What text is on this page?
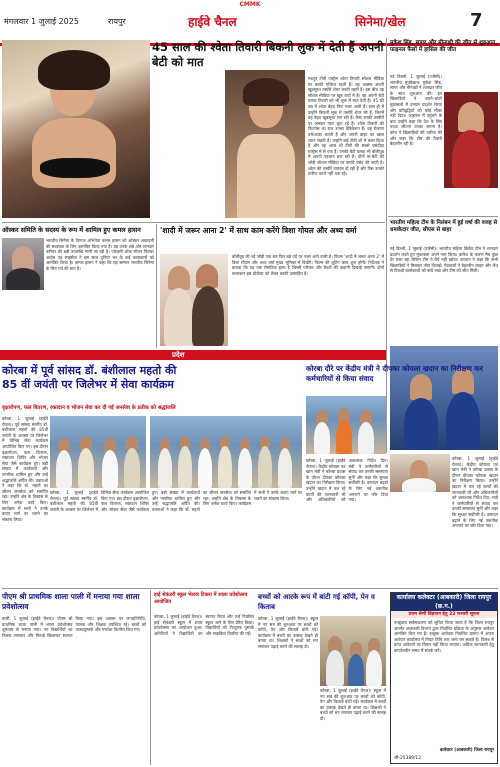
CMMK
मंगलवार 1 जुलाई 2025	रायपुर	हाईवे चैनल	सिनेमा/खेल	7
45 साल की श्वेता तिवारी बिकनी लुक में देती हैं अपनी बेटी को मात
मशहूर टीवी एक्ट्रेस श्वेता तिवारी सोशल मीडिया पर काफी एक्टिव रहती हैं। वह अक्सर अपनी खूबसूरत तस्वीरें शेयर करती रहती हैं। इस बीच वह सोशल मीडिया पर खूब चर्चा में हैं। वह अपनी बेटी पलक तिवारी को भी लुक में मात देती हैं। 45 की उम्र में श्वेता बेहद फिट नजर आती हैं। हाल ही में उन्होंने बिकनी लुक में तस्वीरें शेयर की हैं, जिनमें वह बेहद खूबसूरत लग रही हैं। फैंस उनकी तस्वीरों पर जमकर प्यार लुटा रहे हैं। श्वेता तिवारी की फिटनेस का राज उनका डेडिकेशन है। वह रोजाना वर्कआउट करती हैं और अपनी डाइट का खास ध्यान रखती हैं। उन्होंने कई टीवी शो में काम किया है और वह आज भी टीवी की सबसे पसंदीदा एक्ट्रेस में से एक हैं। उनकी बेटी पलक भी बॉलीवुड में अपनी पहचान बना रही हैं। दोनों मां-बेटी की जोड़ी सोशल मीडिया पर काफी पसंद की जाती है। श्वेता की तस्वीरें वायरल हो रही हैं और फैंस उनकी तारीफ करते नहीं थक रहे।
मुकेश सिंह, सागर और मीनाक्षी की जीत से शुरुआत, फाइनल फैंसों में हासिल की जीत
नई दिल्ली, 1 जुलाई (एजेंसी)। भारतीय मुक्केबाज मुकेश सिंह, सागर और मीनाक्षी ने शानदार जीत के साथ शुरुआत की। इन खिलाड़ियों ने अपने-अपने मुकाबलों में दमदार प्रदर्शन किया और प्रतिद्वंद्वियों को कोई मौका नहीं दिया। फाइनल में पहुंचने के बाद उन्होंने कहा कि देश के लिए पदक जीतना उनका सपना है। कोच ने खिलाड़ियों की तारीफ की और कहा कि टीम की तैयारी बेहतरीन रही है।
भारतीय महिला टीम के निलंबन में हुई वर्षा की वजह से धमाकेदार जीत, सीएस से बाहर
नई दिल्ली, 1 जुलाई (एजेंसी)। भारतीय महिला क्रिकेट टीम ने शानदार प्रदर्शन करते हुए मुकाबला अपने नाम किया। बारिश के कारण मैच कुछ देर रुका रहा लेकिन टीम ने धैर्य नहीं खोया। कप्तान ने कहा कि सभी खिलाड़ियों ने मिलकर जीत दिलाई। गेंदबाजों ने बेहतरीन लाइन और लेंथ से विपक्षी बल्लेबाजों को बांधे रखा और टीम को जीत मिली।
ऑस्कर समिति के सदस्य के रूप में शामिल हुए कमल हासन
भारतीय सिनेमा के दिग्गज अभिनेता कमल हासन को ऑस्कर अकादमी की सदस्यता के लिए आमंत्रित किया गया है। यह उनके लंबे और शानदार करियर की बड़ी उपलब्धि मानी जा रही है। एकेडमी ऑफ मोशन पिक्चर आर्ट्स एंड साइंसेज ने इस साल दुनिया भर के कई कलाकारों को आमंत्रित किया है। कमल हासन ने कहा कि यह सम्मान भारतीय सिनेमा के लिए गर्व की बात है।
'शादी में जरूर आना 2' में साथ काम करेंगे त्रिशा गोयल और अथ्य वर्मा
बॉलीवुड की नई जोड़ी एक बार फिर बड़े पर्दे पर नजर आने वाली है। फिल्म 'शादी में जरूर आना 2' में त्रिशा गोयल और अथ्य वर्मा मुख्य भूमिका में दिखेंगे। फिल्म की शूटिंग जल्द शुरू होगी। निर्देशक ने बताया कि यह एक रोमांटिक ड्रामा है जिसमें परिवार और रिश्तों की कहानी दिखाई जाएगी। दोनों कलाकार इस प्रोजेक्ट को लेकर काफी उत्साहित हैं।
प्रदेश
कोरबा में पूर्व सांसद डॉ. बंशीलाल महतो की
85 वीं जयंती पर जिलेभर में सेवा कार्यक्रम
वृक्षारोपण, फल वितरण, रक्तदान व भोजन सेवा कर दी गई जनसेवा के प्रतीक को श्रद्धांजलि
कोरबा दौरे पर केंद्रीय मंत्री ने दीपका कोयला खदान का निरीक्षण कर कर्मचारियों से किया संवाद
कोरबा, 1 जुलाई (हाईवे चैनल)। पूर्व सांसद स्वर्गीय डॉ. बंशीलाल महतो की 85वीं जयंती के अवसर पर जिलेभर में विभिन्न सेवा कार्यक्रम आयोजित किए गए। इस दौरान वृक्षारोपण, फल वितरण, रक्तदान शिविर और भोजन सेवा जैसे कार्यक्रम हुए। बड़ी संख्या में कार्यकर्ता और नागरिक शामिल हुए और उन्हें श्रद्धांजलि अर्पित की। वक्ताओं ने कहा कि डॉ. महतो का जीवन जनसेवा को समर्पित रहा। उन्होंने क्षेत्र के विकास के लिए अनेक कार्य किए। कार्यक्रम में सभी ने उनके बताए मार्ग पर चलने का संकल्प लिया।
कोरबा, 1 जुलाई (हाईवे चैनल)। पूर्व सांसद स्वर्गीय डॉ. बंशीलाल महतो की 85वीं जयंती के अवसर पर जिलेभर में विभिन्न सेवा कार्यक्रम आयोजित किए गए। इस दौरान वृक्षारोपण, फल वितरण, रक्तदान शिविर और भोजन सेवा जैसे कार्यक्रम हुए। बड़ी संख्या में कार्यकर्ता और नागरिक शामिल हुए और उन्हें श्रद्धांजलि अर्पित की। वक्ताओं ने कहा कि डॉ. महतो का जीवन जनसेवा को समर्पित रहा। उन्होंने क्षेत्र के विकास के लिए अनेक कार्य किए। कार्यक्रम में सभी ने उनके बताए मार्ग पर चलने का संकल्प लिया।
कोरबा, 1 जुलाई (हाईवे चैनल)। केंद्रीय कोयला एवं खान मंत्री ने कोरबा प्रवास के दौरान दीपका कोयला खदान का निरीक्षण किया। उन्होंने खदान में चल रहे कार्यों की जानकारी ली और अधिकारियों को आवश्यक निर्देश दिए। मंत्री ने कर्मचारियों से संवाद कर उनकी समस्याएं सुनीं और कहा कि सुरक्षा सर्वोपरि है। उत्पादन बढ़ाने के लिए नई तकनीक अपनाने पर जोर दिया गया।
कोरबा, 1 जुलाई (हाईवे चैनल)। केंद्रीय कोयला एवं खान मंत्री ने कोरबा प्रवास के दौरान दीपका कोयला खदान का निरीक्षण किया। उन्होंने खदान में चल रहे कार्यों की जानकारी ली और अधिकारियों को आवश्यक निर्देश दिए। मंत्री ने कर्मचारियों से संवाद कर उनकी समस्याएं सुनीं और कहा कि सुरक्षा सर्वोपरि है। उत्पादन बढ़ाने के लिए नई तकनीक अपनाने पर जोर दिया गया।
पीएम श्री प्राथमिक शाला पाली में मनाया गया शाला प्रवेशोत्सव
पाली, 1 जुलाई (हाईवे चैनल)। पीएम श्री प्राथमिक शाला पाली में शाला प्रवेशोत्सव धूमधाम से मनाया गया। नए विद्यार्थियों का तिलक लगाकर और मिठाई खिलाकर स्वागत किया गया। इस अवसर पर जनप्रतिनिधि, पालक और शिक्षक उपस्थित रहे। बच्चों को पाठ्यपुस्तकें और गणवेश वितरित किए गए।
हाई सेकंडरी स्कूल भेलवा टिकरा में शाला प्रवेशोत्सव आयोजित
कोरबा, 1 जुलाई (हाईवे चैनल)। हाई सेकंडरी स्कूल में शाला प्रवेशोत्सव का आयोजन हुआ। अतिथियों ने विद्यार्थियों का स्वागत किया और उन्हें नियमित स्कूल आने के लिए प्रेरित किया। विद्यार्थियों को निःशुल्क पुस्तकें और साइकिल वितरित की गईं।
बच्चों को आरके रूप में बांटी गई कॉपी, पेन व किताब
कोरबा, 1 जुलाई (हाईवे चैनल)। स्कूल में नए सत्र की शुरुआत पर बच्चों को कॉपी, पेन और किताबें बांटी गईं। कार्यक्रम में बच्चों का उत्साह देखते ही बनता था। शिक्षकों ने बच्चों को मन लगाकर पढ़ाई करने की सलाह दी।
कोरबा, 1 जुलाई (हाईवे चैनल)। स्कूल में नए सत्र की शुरुआत पर बच्चों को कॉपी, पेन और किताबें बांटी गईं। कार्यक्रम में बच्चों का उत्साह देखते ही बनता था। शिक्षकों ने बच्चों को मन लगाकर पढ़ाई करने की सलाह दी।
कार्यालय कलेक्टर (आबकारी) जिला रायपुर (छ.ग.)
प्रथम श्रेणी विज्ञापन हेतु 22 फरवरी सूचना
एतद्द्वारा सर्वसाधारण को सूचित किया जाता है कि जिला रायपुर अंतर्गत आबकारी विभाग द्वारा निर्धारित प्रक्रिया के अनुसार आवेदन आमंत्रित किए गए हैं। इच्छुक आवेदक निर्धारित प्रारूप में अपना आवेदन कार्यालय में नियत तिथि तक जमा कर सकते हैं। विलंब से प्राप्त आवेदनों पर विचार नहीं किया जाएगा। अधिक जानकारी हेतु कार्यालयीन समय में संपर्क करें।
कलेक्टर (आबकारी) जिला रायपुर
जी-25389/12
